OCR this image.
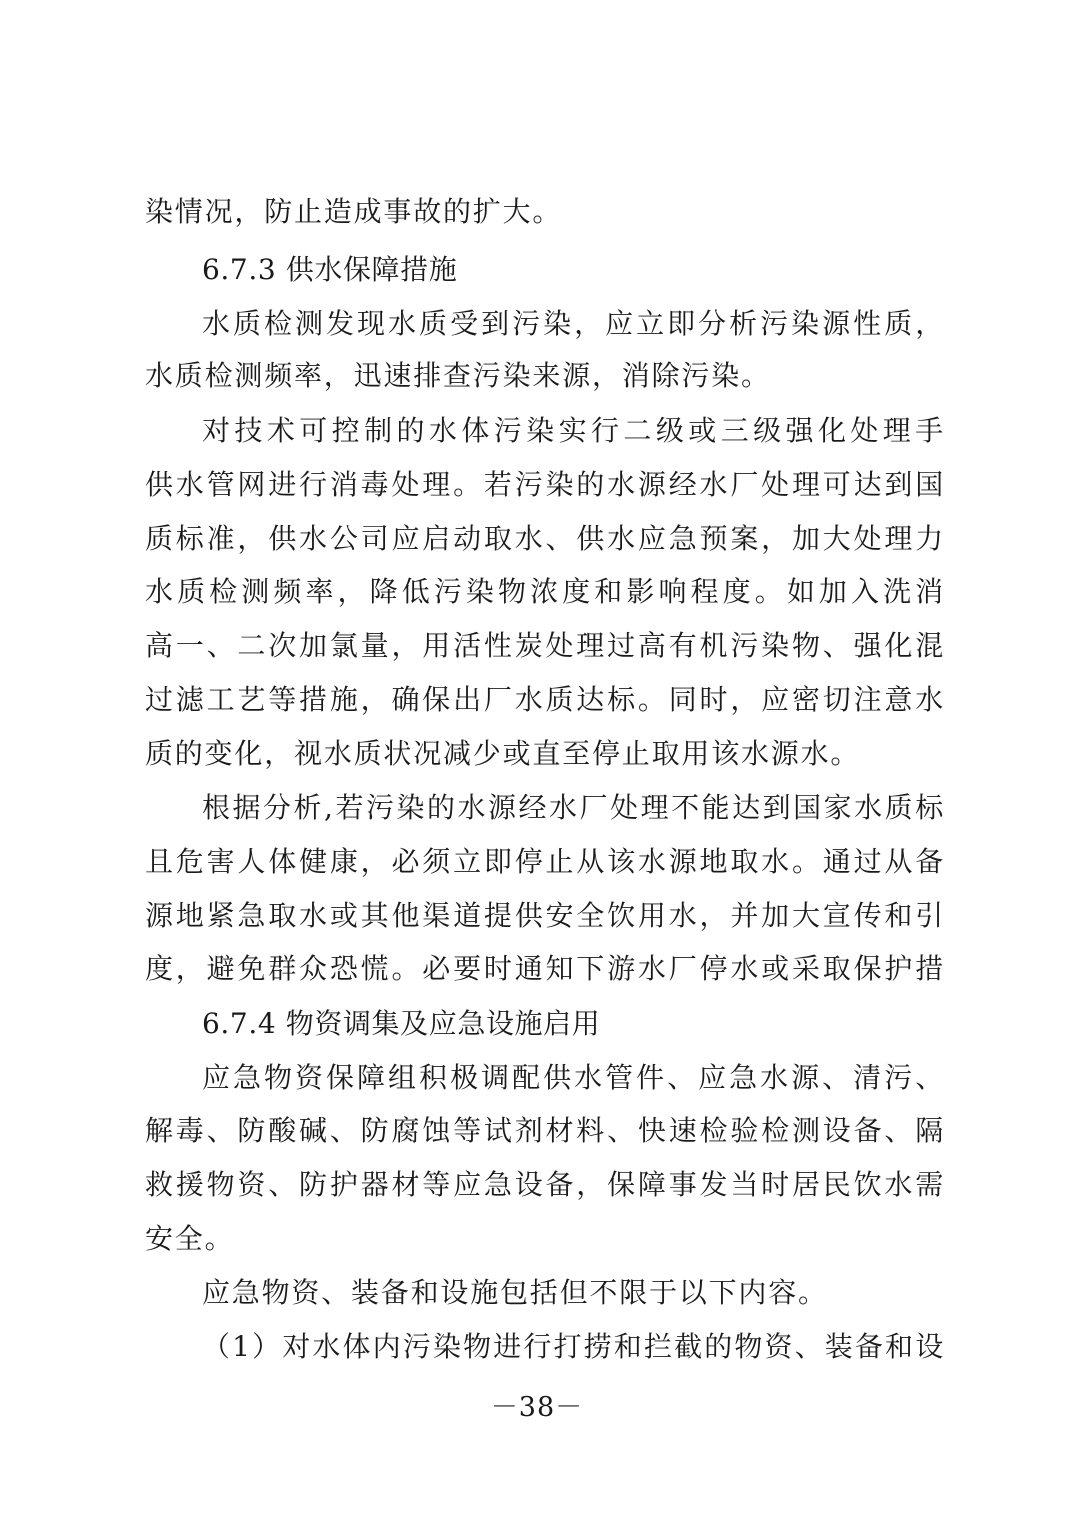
染情况，防止造成事故的扩大。
6.7.3 供水保障措施
水质检测发现水质受到污染，应立即分析污染源性质，
水质检测频率，迅速排查污染来源，消除污染。
对技术可控制的水体污染实行二级或三级强化处理手
供水管网进行消毒处理。若污染的水源经水厂处理可达到国
质标准，供水公司应启动取水、供水应急预案，加大处理力
水质检测频率，降低污染物浓度和影响程度。如加入洗消
高一、二次加氯量，用活性炭处理过高有机污染物、强化混
过滤工艺等措施，确保出厂水质达标。同时，应密切注意水
质的变化，视水质状况减少或直至停止取用该水源水。
根据分析,若污染的水源经水厂处理不能达到国家水质标
且危害人体健康，必须立即停止从该水源地取水。通过从备
源地紧急取水或其他渠道提供安全饮用水，并加大宣传和引
度，避免群众恐慌。必要时通知下游水厂停水或采取保护措
6.7.4 物资调集及应急设施启用
应急物资保障组积极调配供水管件、应急水源、清污、
解毒、防酸碱、防腐蚀等试剂材料、快速检验检测设备、隔
救援物资、防护器材等应急设备，保障事发当时居民饮水需
安全。
应急物资、装备和设施包括但不限于以下内容。
（1）对水体内污染物进行打捞和拦截的物资、装备和设
－38－
